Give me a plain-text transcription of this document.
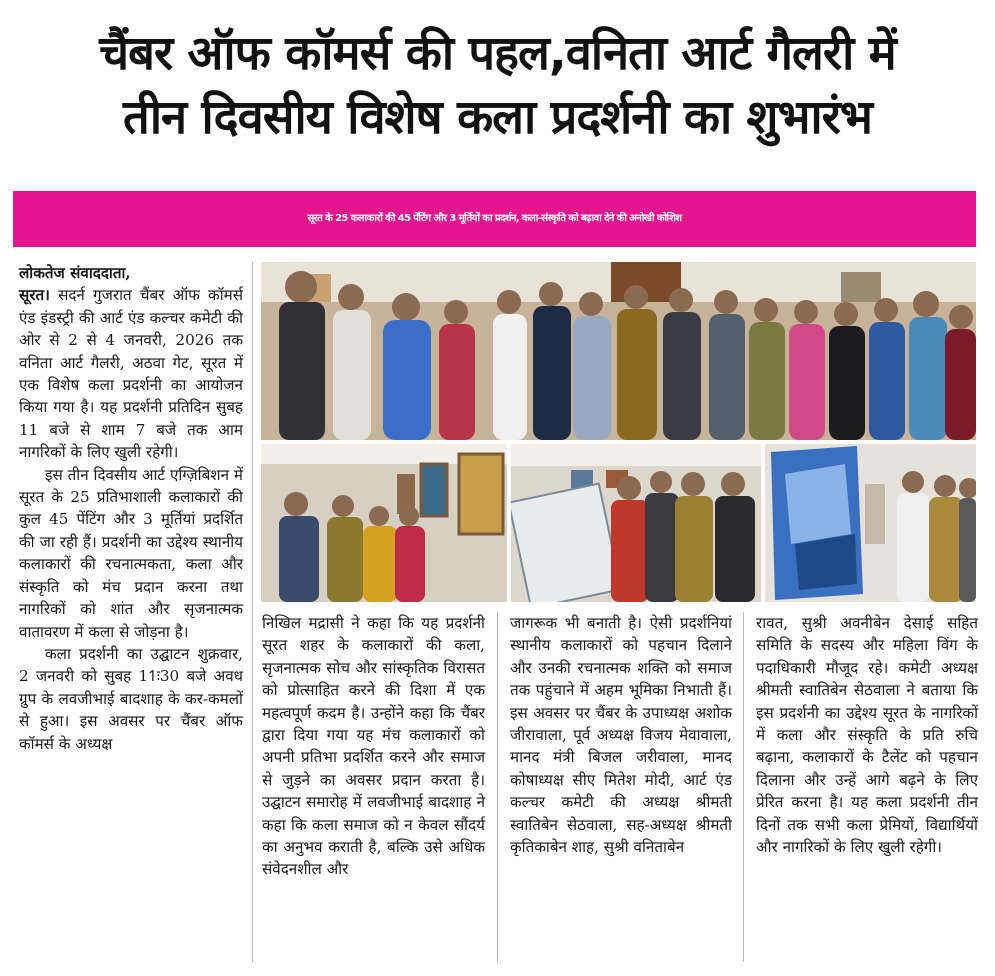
चैंबर ऑफ कॉमर्स की पहल,वनिता आर्ट गैलरी में
तीन दिवसीय विशेष कला प्रदर्शनी का शुभारंभ
सूरत के 25 कलाकारों की 45 पेंटिंग और 3 मूर्तियों का प्रदर्शन, कला-संस्कृति को बढ़ावा देने की अनोखी कोशिश

लोकतेज संवाददाता,
सूरत। सदर्न गुजरात चैंबर ऑफ कॉमर्स एंड इंडस्ट्री की आर्ट एंड कल्चर कमेटी की ओर से 2 से 4 जनवरी, 2026 तक वनिता आर्ट गैलरी, अठवा गेट, सूरत में एक विशेष कला प्रदर्शनी का आयोजन किया गया है। यह प्रदर्शनी प्रतिदिन सुबह 11 बजे से शाम 7 बजे तक आम नागरिकों के लिए खुली रहेगी।

इस तीन दिवसीय आर्ट एग्ज़िबिशन में सूरत के 25 प्रतिभाशाली कलाकारों की कुल 45 पेंटिंग और 3 मूर्तियां प्रदर्शित की जा रही हैं। प्रदर्शनी का उद्देश्य स्थानीय कलाकारों की रचनात्मकता, कला और संस्कृति को मंच प्रदान करना तथा नागरिकों को शांत और सृजनात्मक वातावरण में कला से जोड़ना है।

कला प्रदर्शनी का उद्घाटन शुक्रवार, 2 जनवरी को सुबह 11ः30 बजे अवध ग्रुप के लवजीभाई बादशाह के कर-कमलों से हुआ। इस अवसर पर चैंबर ऑफ कॉमर्स के अध्यक्ष

निखिल मद्रासी ने कहा कि यह प्रदर्शनी सूरत शहर के कलाकारों की कला, सृजनात्मक सोच और सांस्कृतिक विरासत को प्रोत्साहित करने की दिशा में एक महत्वपूर्ण कदम है। उन्होंने कहा कि चैंबर द्वारा दिया गया यह मंच कलाकारों को अपनी प्रतिभा प्रदर्शित करने और समाज से जुड़ने का अवसर प्रदान करता है। उद्घाटन समारोह में लवजीभाई बादशाह ने कहा कि कला समाज को न केवल सौंदर्य का अनुभव कराती है, बल्कि उसे अधिक संवेदनशील और

जागरूक भी बनाती है। ऐसी प्रदर्शनियां स्थानीय कलाकारों को पहचान दिलाने और उनकी रचनात्मक शक्ति को समाज तक पहुंचाने में अहम भूमिका निभाती हैं। इस अवसर पर चैंबर के उपाध्यक्ष अशोक जीरावाला, पूर्व अध्यक्ष विजय मेवावाला, मानद मंत्री बिजल जरीवाला, मानद कोषाध्यक्ष सीए मितेश मोदी, आर्ट एंड कल्चर कमेटी की अध्यक्ष श्रीमती स्वातिबेन सेठवाला, सह-अध्यक्ष श्रीमती कृतिकाबेन शाह, सुश्री वनिताबेन

रावत, सुश्री अवनीबेन देसाई सहित समिति के सदस्य और महिला विंग के पदाधिकारी मौजूद रहे। कमेटी अध्यक्ष श्रीमती स्वातिबेन सेठवाला ने बताया कि इस प्रदर्शनी का उद्देश्य सूरत के नागरिकों में कला और संस्कृति के प्रति रुचि बढ़ाना, कलाकारों के टैलेंट को पहचान दिलाना और उन्हें आगे बढ़ने के लिए प्रेरित करना है। यह कला प्रदर्शनी तीन दिनों तक सभी कला प्रेमियों, विद्यार्थियों और नागरिकों के लिए खुली रहेगी।
